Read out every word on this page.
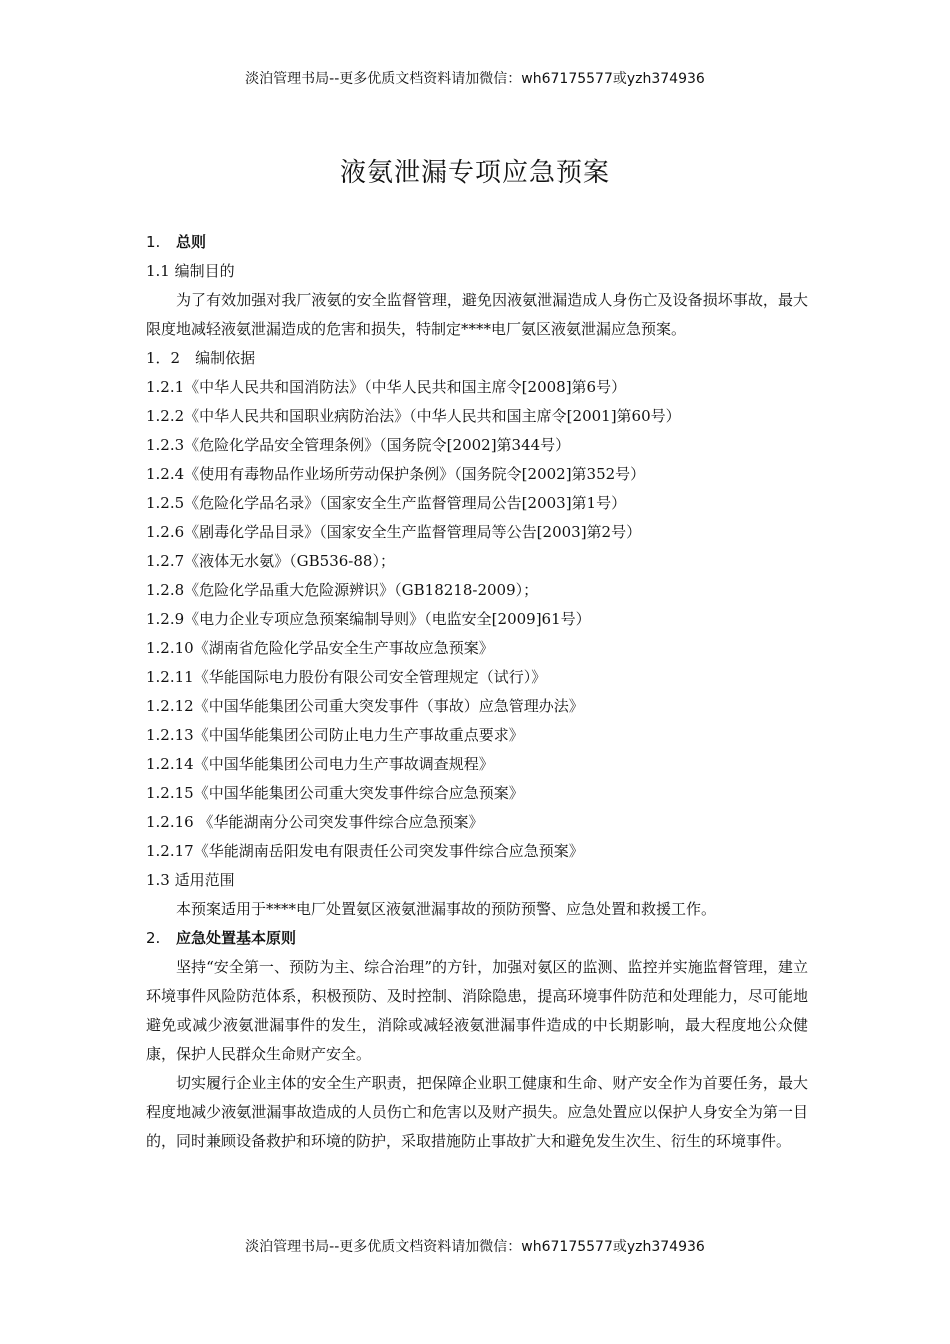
淡泊管理书局--更多优质文档资料请加微信：wh67175577或yzh374936
液氨泄漏专项应急预案
1. 总则
1.1 编制目的

为了有效加强对我厂液氨的安全监督管理，避免因液氨泄漏造成人身伤亡及设备损坏事故，最大限度地减轻液氨泄漏造成的危害和损失，特制定****电厂氨区液氨泄漏应急预案。

1．2　编制依据
1.2.1《中华人民共和国消防法》（中华人民共和国主席令[2008]第6号）
1.2.2《中华人民共和国职业病防治法》（中华人民共和国主席令[2001]第60号）
1.2.3《危险化学品安全管理条例》（国务院令[2002]第344号）
1.2.4《使用有毒物品作业场所劳动保护条例》（国务院令[2002]第352号）
1.2.5《危险化学品名录》（国家安全生产监督管理局公告[2003]第1号）
1.2.6《剧毒化学品目录》（国家安全生产监督管理局等公告[2003]第2号）
1.2.7《液体无水氨》（GB536-88）；
1.2.8《危险化学品重大危险源辨识》（GB18218-2009）；
1.2.9《电力企业专项应急预案编制导则》（电监安全[2009]61号）
1.2.10《湖南省危险化学品安全生产事故应急预案》
1.2.11《华能国际电力股份有限公司安全管理规定（试行）》
1.2.12《中国华能集团公司重大突发事件（事故）应急管理办法》
1.2.13《中国华能集团公司防止电力生产事故重点要求》
1.2.14《中国华能集团公司电力生产事故调查规程》
1.2.15《中国华能集团公司重大突发事件综合应急预案》
1.2.16 《华能湖南分公司突发事件综合应急预案》
1.2.17《华能湖南岳阳发电有限责任公司突发事件综合应急预案》
1.3 适用范围

本预案适用于****电厂处置氨区液氨泄漏事故的预防预警、应急处置和救援工作。

2. 应急处置基本原则

坚持“安全第一、预防为主、综合治理”的方针，加强对氨区的监测、监控并实施监督管理，建立环境事件风险防范体系，积极预防、及时控制、消除隐患，提高环境事件防范和处理能力，尽可能地避免或减少液氨泄漏事件的发生，消除或减轻液氨泄漏事件造成的中长期影响，最大程度地公众健康，保护人民群众生命财产安全。

切实履行企业主体的安全生产职责，把保障企业职工健康和生命、财产安全作为首要任务，最大程度地减少液氨泄漏事故造成的人员伤亡和危害以及财产损失。应急处置应以保护人身安全为第一目的，同时兼顾设备救护和环境的防护，采取措施防止事故扩大和避免发生次生、衍生的环境事件。

淡泊管理书局--更多优质文档资料请加微信：wh67175577或yzh374936
